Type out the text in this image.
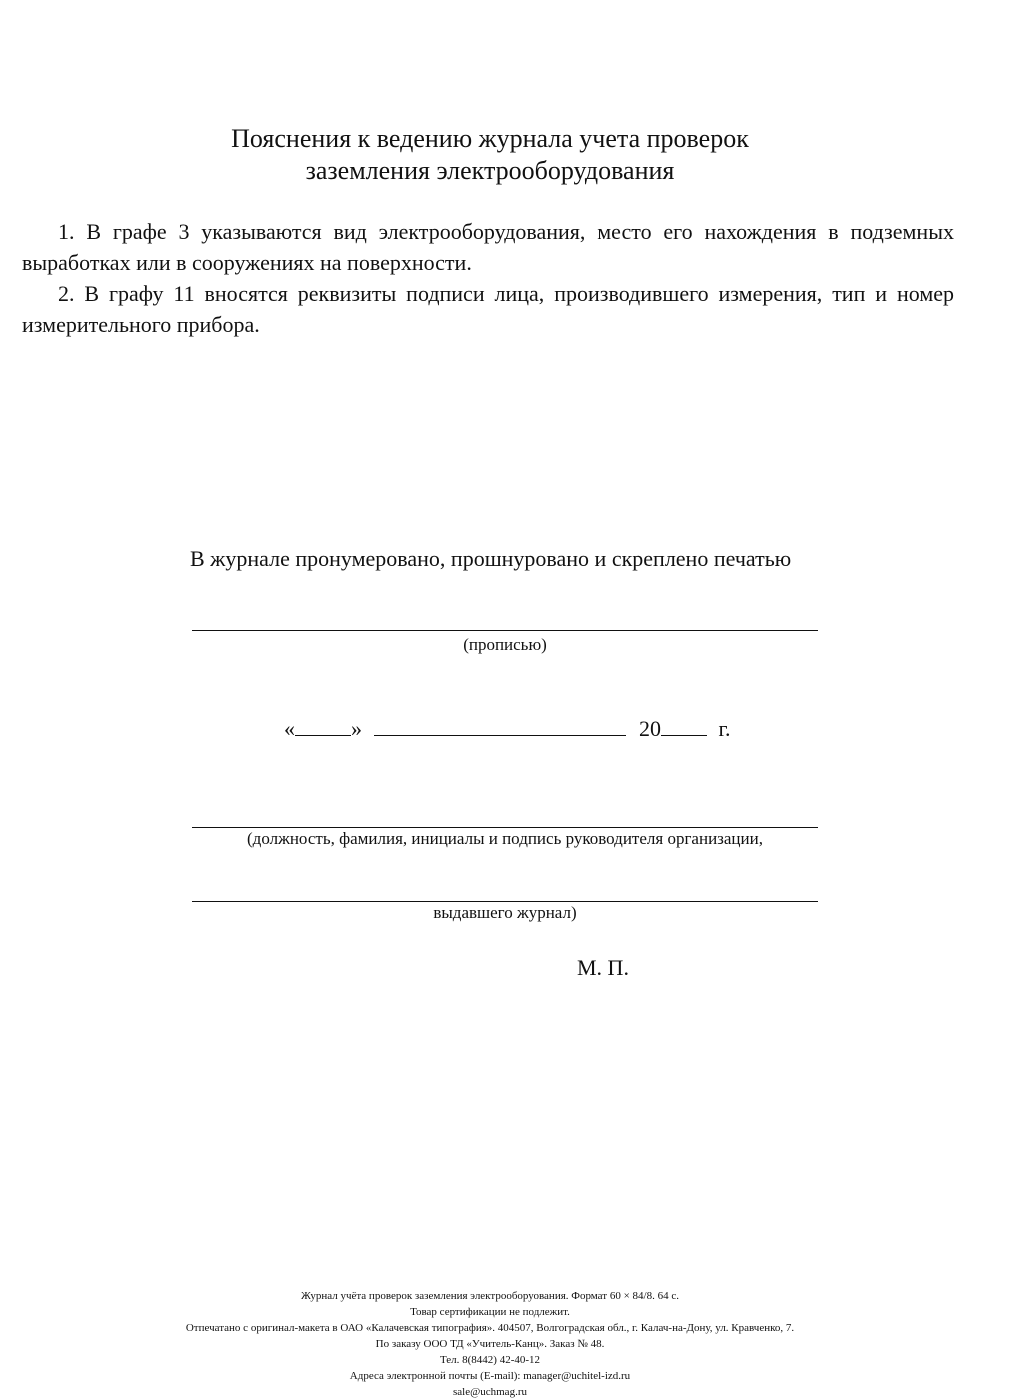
Пояснения к ведению журнала учета проверок
заземления электрооборудования
1. В графе 3 указываются вид электрооборудования, место его нахождения в подземных выработках или в сооружениях на поверхности.
2. В графу 11 вносятся реквизиты подписи лица, производившего измерения, тип и номер измерительного прибора.
В журнале пронумеровано, прошнуровано и скреплено печатью
(прописью)
«	»	20	г.
(должность, фамилия, инициалы и подпись руководителя организации,
выдавшего журнал)
М. П.
Журнал учёта проверок заземления электрооборуования. Формат 60 × 84/8. 64 с.
Товар сертификации не подлежит.
Отпечатано с оригинал-макета в ОАО «Калачевская типография». 404507, Волгоградская обл., г. Калач-на-Дону, ул. Кравченко, 7.
По заказу ООО ТД «Учитель-Канц». Заказ № 48.
Тел. 8(8442) 42-40-12
Адреса электронной почты (E-mail): manager@uchitel-izd.ru
sale@uchmag.ru
